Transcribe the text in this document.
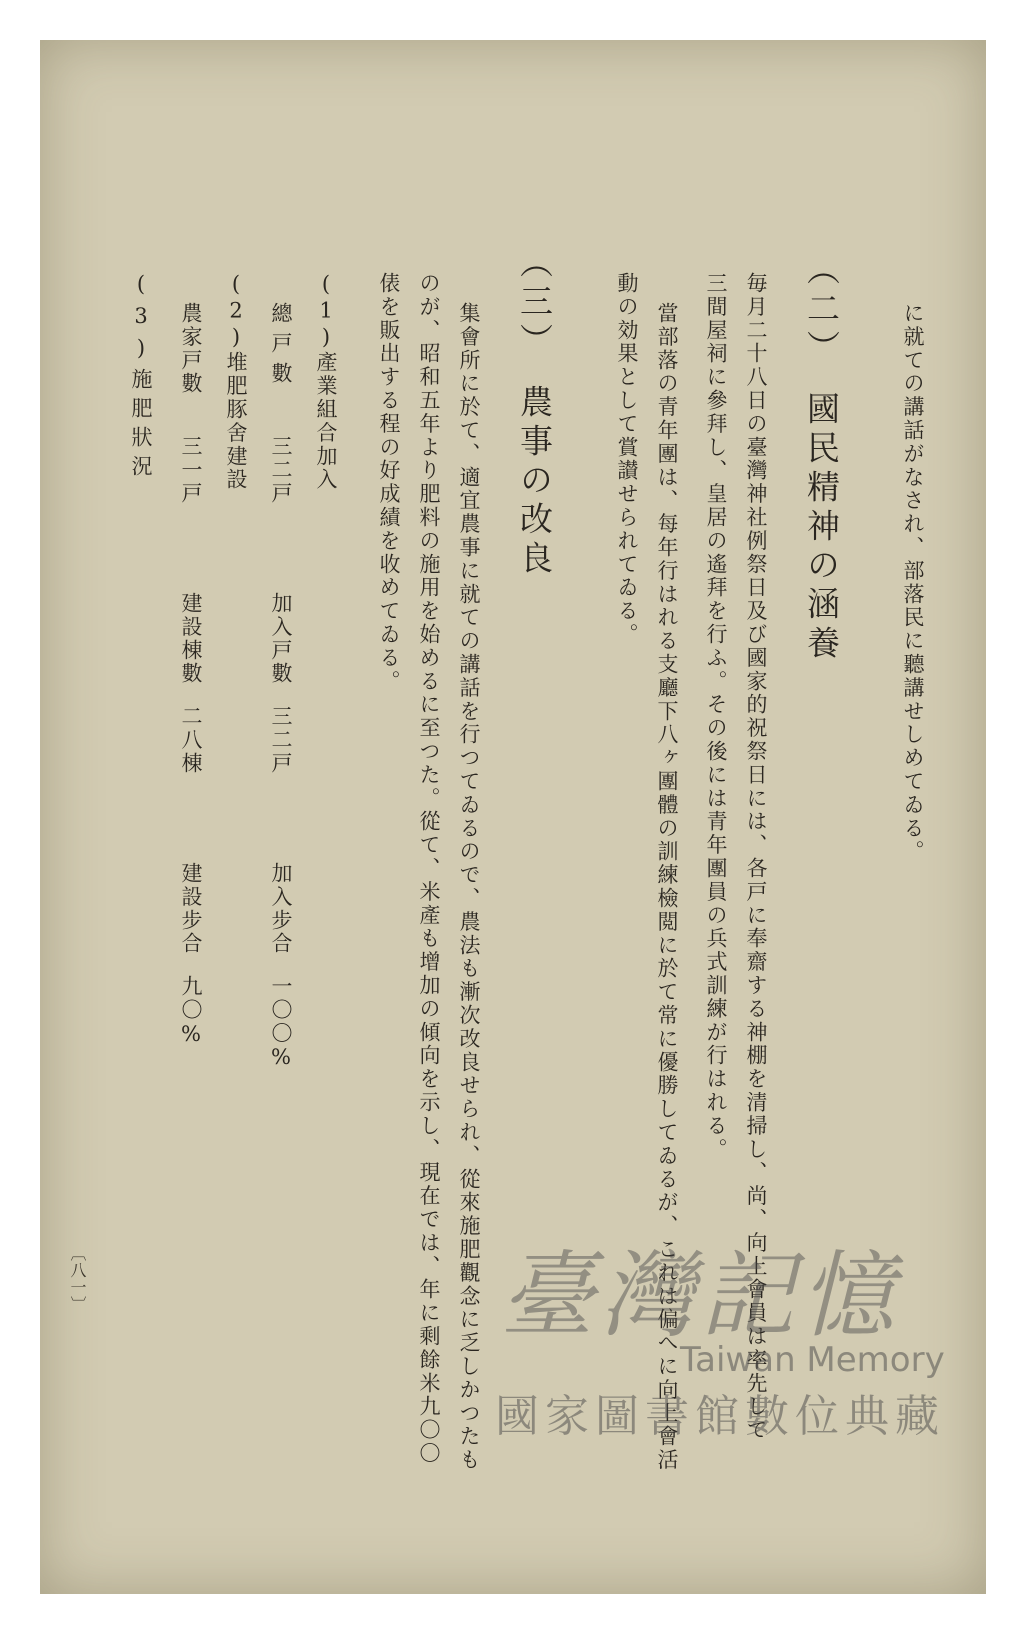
に就ての講話がなされ、部落民に聽講せしめてゐる。
（二）　國民精神の涵養
毎月二十八日の臺灣神社例祭日及び國家的祝祭日には、各戸に奉齋する神棚を清掃し、尚、向上會員は率先して
三間屋祠に參拜し、皇居の遙拜を行ふ。その後には青年團員の兵式訓練が行はれる。
當部落の青年團は、每年行はれる支廳下八ヶ團體の訓練檢閲に於て常に優勝してゐるが、これは偏へに向上會活
動の効果として賞讃せられてゐる。
（三）　農事の改良
集會所に於て、適宜農事に就ての講話を行つてゐるので、農法も漸次改良せられ、從來施肥觀念に乏しかつたも
のが、昭和五年より肥料の施用を始めるに至つた。從て、米產も增加の傾向を示し、現在では、年に剩餘米九〇〇
俵を販出する程の好成績を收めてゐる。
(1)產業組合加入
總戸數
三二戸
加入戸數
三二戸
加入步合
一〇〇%
(2)堆肥豚舍建設
農家戸數
三一戸
建設棟數
二八棟
建設步合
九〇%
(3)施肥狀況
〔八一〕	臺灣記憶
Taiwan Memory
國家圖書館數位典藏
